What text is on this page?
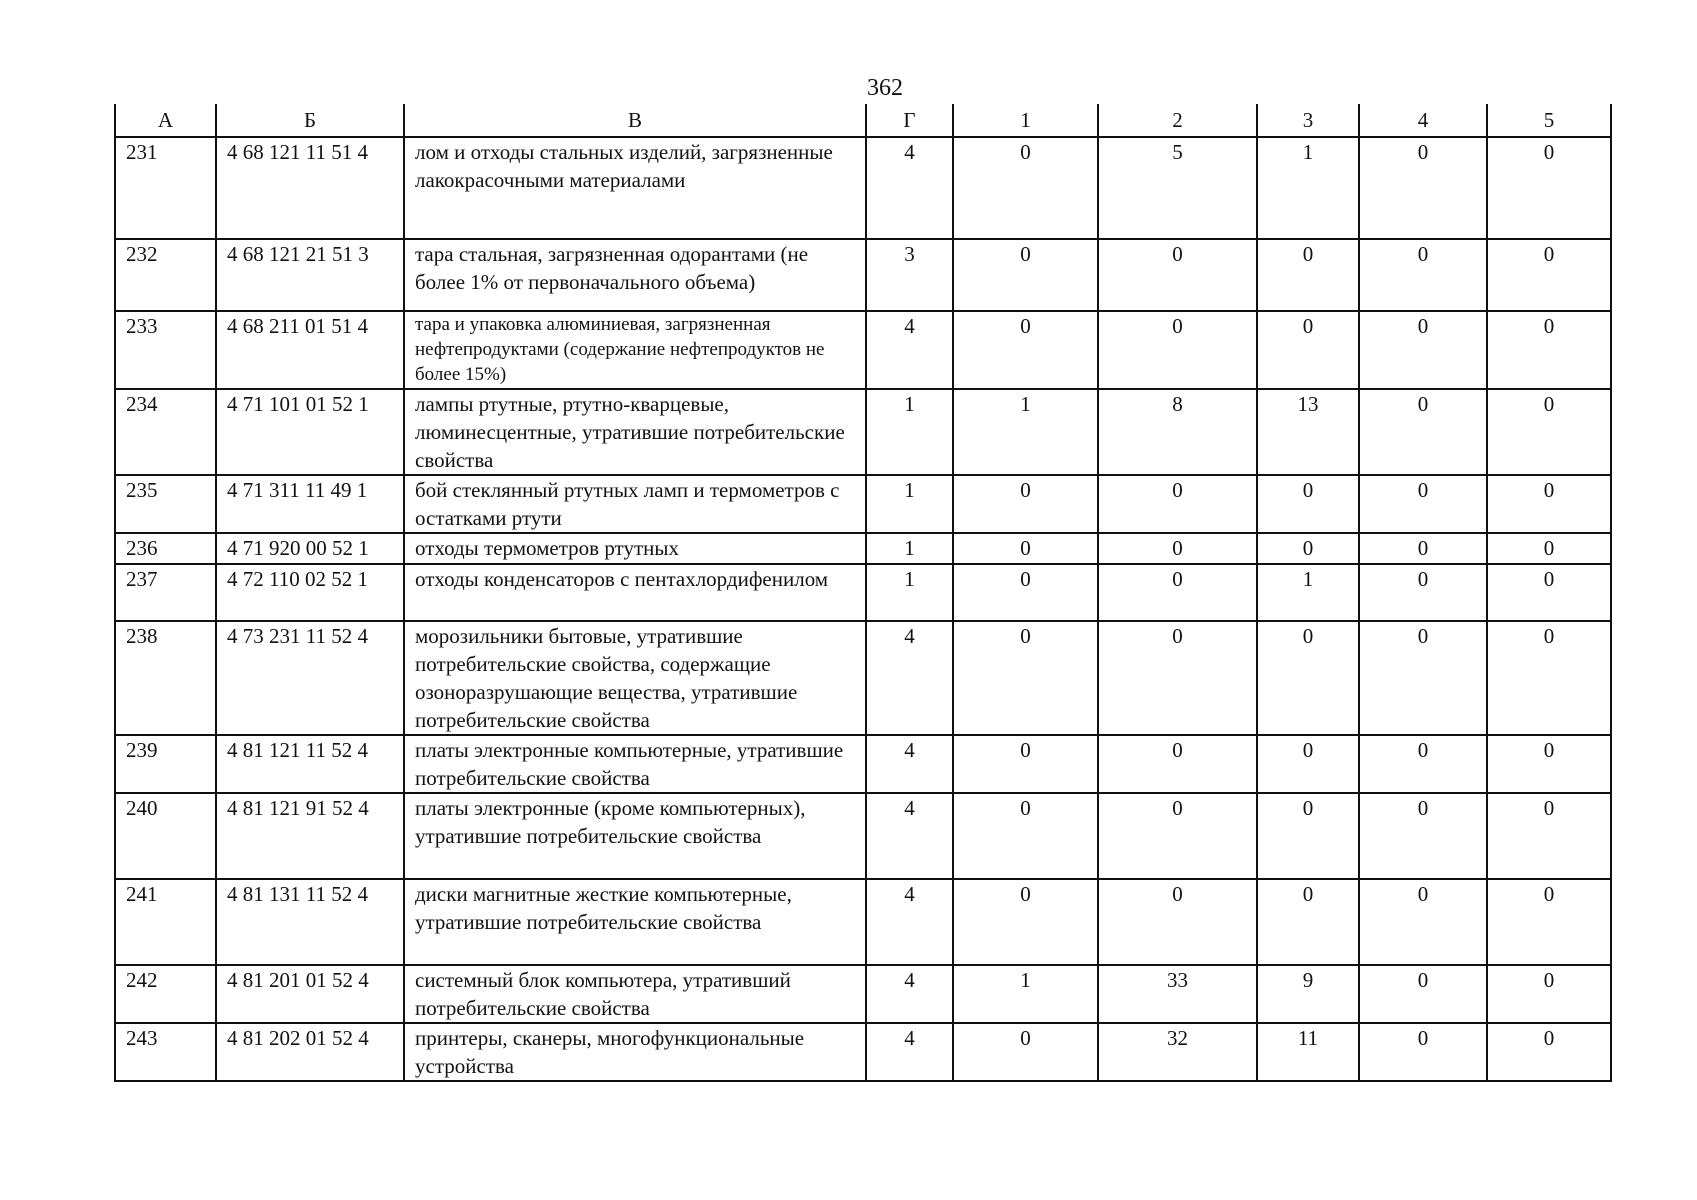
362
А	Б	В	Г	1	2	3	4	5
231	4 68 121 11 51 4	лом и отходы стальных изделий, загрязненные лакокрасочными материалами	4	0	5	1	0	0
232	4 68 121 21 51 3	тара стальная, загрязненная одорантами (не более 1% от первоначального объема)	3	0	0	0	0	0
233	4 68 211 01 51 4	тара и упаковка алюминиевая, загрязненная нефтепродуктами (содержание нефтепродуктов не более 15%)	4	0	0	0	0	0
234	4 71 101 01 52 1	лампы ртутные, ртутно-кварцевые, люминесцентные, утратившие потребительские свойства	1	1	8	13	0	0
235	4 71 311 11 49 1	бой стеклянный ртутных ламп и термометров с остатками ртути	1	0	0	0	0	0
236	4 71 920 00 52 1	отходы термометров ртутных	1	0	0	0	0	0
237	4 72 110 02 52 1	отходы конденсаторов с пентахлордифенилом	1	0	0	1	0	0
238	4 73 231 11 52 4	морозильники бытовые, утратившие потребительские свойства, содержащие озоноразрушающие вещества, утратившие потребительские свойства	4	0	0	0	0	0
239	4 81 121 11 52 4	платы электронные компьютерные, утратившие потребительские свойства	4	0	0	0	0	0
240	4 81 121 91 52 4	платы электронные (кроме компьютерных), утратившие потребительские свойства	4	0	0	0	0	0
241	4 81 131 11 52 4	диски магнитные жесткие компьютерные, утратившие потребительские свойства	4	0	0	0	0	0
242	4 81 201 01 52 4	системный блок компьютера, утративший потребительские свойства	4	1	33	9	0	0
243	4 81 202 01 52 4	принтеры, сканеры, многофункциональные устройства	4	0	32	11	0	0
